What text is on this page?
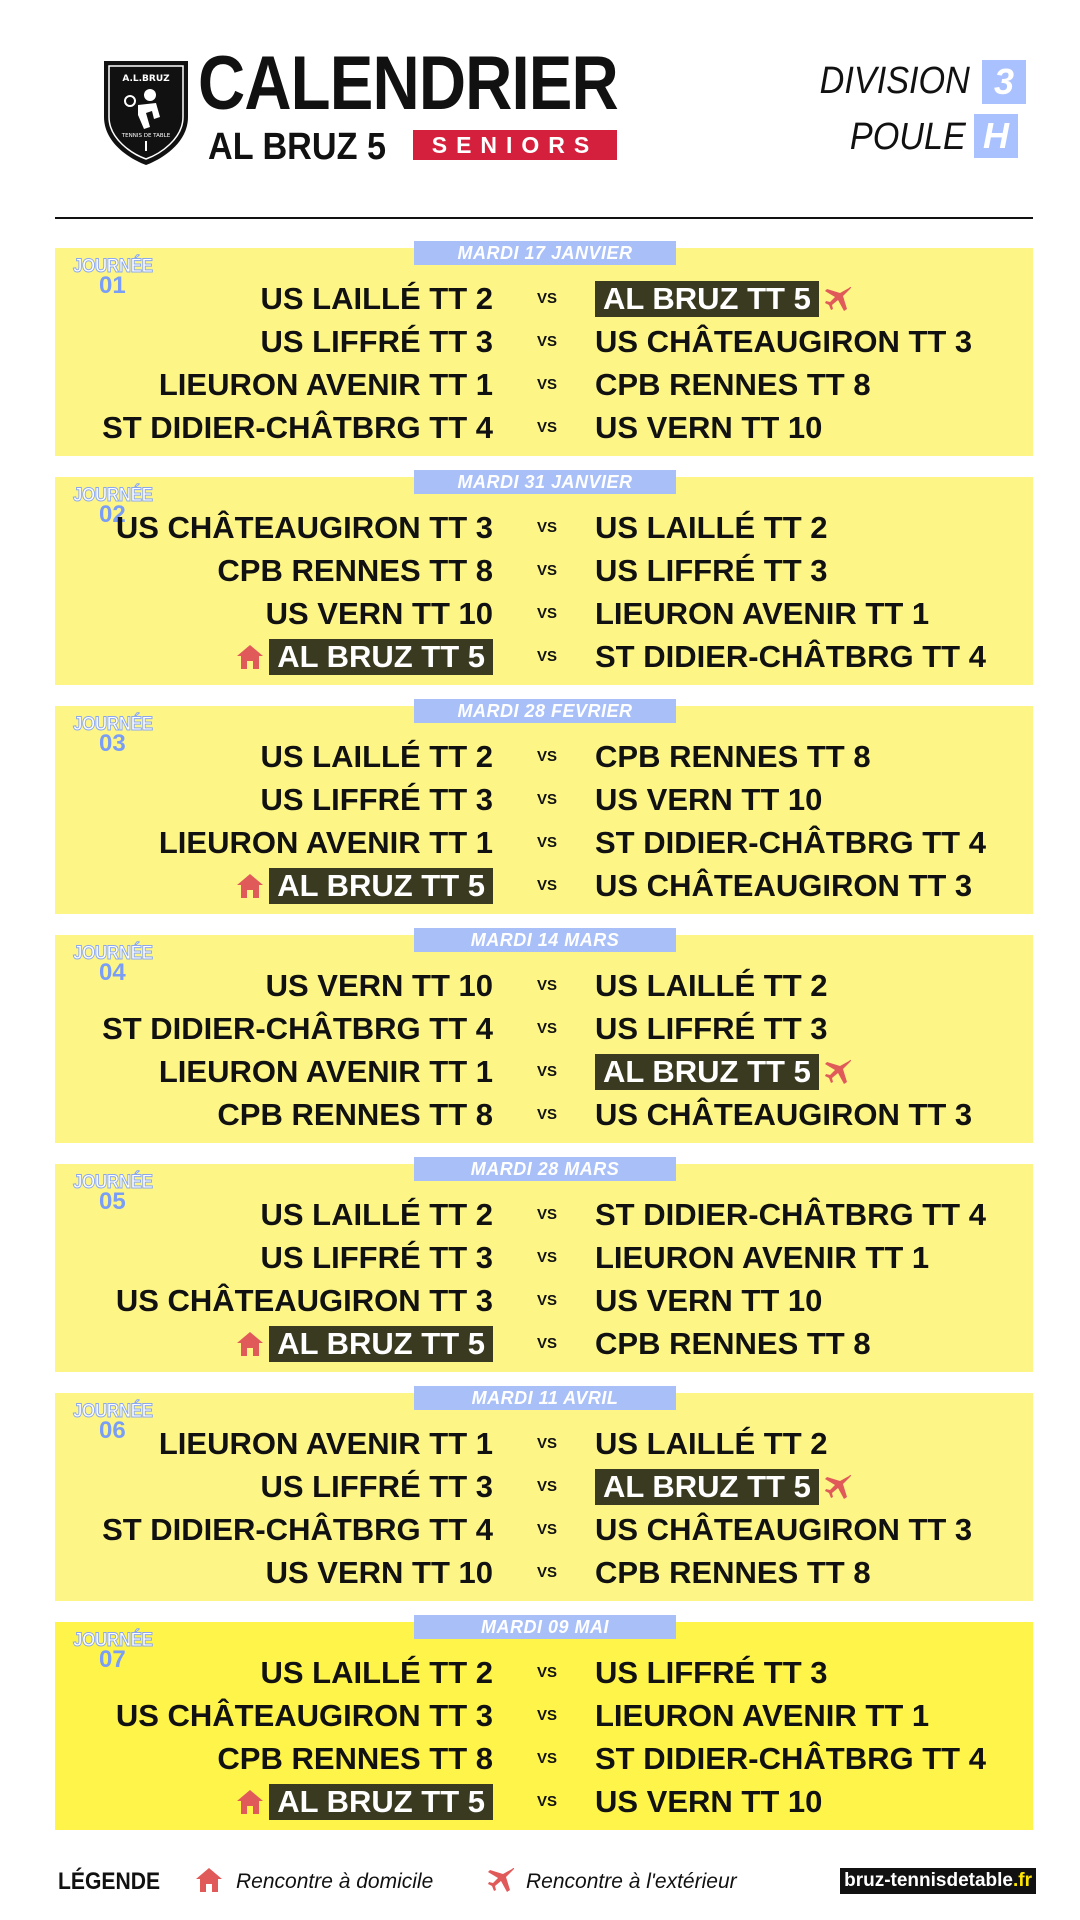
A.L.BRUZ
TENNIS DE TABLE
CALENDRIER
AL BRUZ 5	SENIORS
DIVISION 3
POULE H
MARDI 17 JANVIER
JOURNÉE
01	US LAILLÉ TT 2	VS AL BRUZ TT 5
US LIFFRÉ TT 3	VS US CHÂTEAUGIRON TT 3
LIEURON AVENIR TT 1	VS CPB RENNES TT 8
ST DIDIER-CHÂTBRG TT 4	VS US VERN TT 10
MARDI 31 JANVIER
JOURNÉE
02
US CHÂTEAUGIRON TT 3	VS US LAILLÉ TT 2
CPB RENNES TT 8	VS US LIFFRÉ TT 3
US VERN TT 10	VS LIEURON AVENIR TT 1
AL BRUZ TT 5	VS ST DIDIER-CHÂTBRG TT 4
MARDI 28 FEVRIER
JOURNÉE
03	US LAILLÉ TT 2	VS CPB RENNES TT 8
US LIFFRÉ TT 3	VS US VERN TT 10
LIEURON AVENIR TT 1	VS ST DIDIER-CHÂTBRG TT 4
AL BRUZ TT 5	VS US CHÂTEAUGIRON TT 3
MARDI 14 MARS
JOURNÉE
04	US VERN TT 10	VS US LAILLÉ TT 2
ST DIDIER-CHÂTBRG TT 4	VS US LIFFRÉ TT 3
LIEURON AVENIR TT 1	VS AL BRUZ TT 5
CPB RENNES TT 8	VS US CHÂTEAUGIRON TT 3
MARDI 28 MARS
JOURNÉE
05	US LAILLÉ TT 2	VS ST DIDIER-CHÂTBRG TT 4
US LIFFRÉ TT 3	VS LIEURON AVENIR TT 1
US CHÂTEAUGIRON TT 3	VS US VERN TT 10
AL BRUZ TT 5	VS CPB RENNES TT 8
MARDI 11 AVRIL
JOURNÉE
06 LIEURON AVENIR TT 1	VS US LAILLÉ TT 2
US LIFFRÉ TT 3	VS AL BRUZ TT 5
ST DIDIER-CHÂTBRG TT 4	VS US CHÂTEAUGIRON TT 3
US VERN TT 10	VS CPB RENNES TT 8
MARDI 09 MAI
JOURNÉE
07	US LAILLÉ TT 2	VS US LIFFRÉ TT 3
US CHÂTEAUGIRON TT 3	VS LIEURON AVENIR TT 1
CPB RENNES TT 8	VS ST DIDIER-CHÂTBRG TT 4
AL BRUZ TT 5	VS US VERN TT 10
LÉGENDE	Rencontre à domicile	Rencontre à l'extérieur	bruz-tennisdetable.fr
